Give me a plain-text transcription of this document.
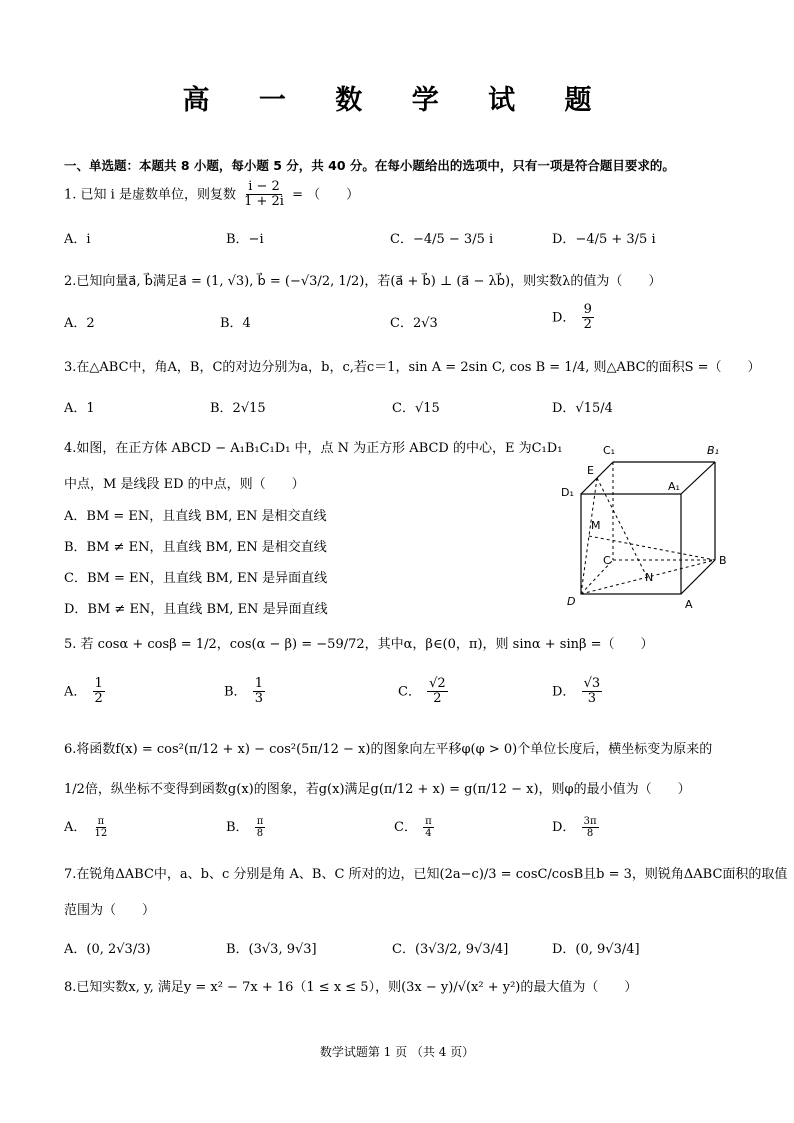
高 一 数 学 试 题
一、单选题：本题共 8 小题，每小题 5 分，共 40 分。在每小题给出的选项中，只有一项是符合题目要求的。
1. 已知 i 是虚数单位，则复数 $\frac{i - 2}{1 + 2i}$ = （　　）
A．i	B．−i	C．−4/5 − 3/5 i	D．−4/5 + 3/5 i
2.已知向量a⃗, b⃗满足a⃗ = (1, √3), b⃗ = (−√3/2, 1/2)，若(a⃗ + b⃗) ⊥ (a⃗ − λb⃗)，则实数λ的值为（　　）
A．2	B．4	C．2√3	D． $\frac{9}{2}$
3.在△ABC中，角A，B，C的对边分别为a，b，c,若c＝1，sin A = 2sin C, cos B = 1/4, 则△ABC的面积S =（　　）
A．1	B．2√15	C．√15	D．√15/4
4.如图，在正方体 ABCD − A₁B₁C₁D₁ 中，点 N 为正方形 ABCD 的中心，E 为C₁D₁
中点，M 是线段 ED 的中点，则（　　）
A．BM = EN，且直线 BM, EN 是相交直线
B．BM ≠ EN，且直线 BM, EN 是相交直线
C．BM = EN，且直线 BM, EN 是异面直线
D．BM ≠ EN，且直线 BM, EN 是异面直线
C₁	B₁
E
D₁	A₁
M
C	B
N
D	A
5. 若 cosα + cosβ = 1/2，cos(α − β) = −59/72，其中α，β∈(0，π)，则 sinα + sinβ =（　　）
A． $\frac{1}{2}$	B． $\frac{1}{3}$	C． $\frac{√2}{2}$	D． $\frac{√3}{3}$
6.将函数f(x) = cos²(π/12 + x) − cos²(5π/12 − x)的图象向左平移φ(φ > 0)个单位长度后，横坐标变为原来的
1/2倍，纵坐标不变得到函数g(x)的图象，若g(x)满足g(π/12 + x) = g(π/12 − x)，则φ的最小值为（　　）
A． $\frac{\pi}{12}$	B． $\frac{\pi}{8}$	C． $\frac{\pi}{4}$	D． $\frac{3\pi}{8}$
7.在锐角ΔABC中，a、b、c 分别是角 A、B、C 所对的边，已知(2a−c)/3 = cosC/cosB且b = 3，则锐角ΔABC面积的取值
范围为（　　）
A．(0, 2√3/3)	B．(3√3, 9√3]	C．(3√3/2, 9√3/4]	D．(0, 9√3/4]
8.已知实数x, y, 满足y = x² − 7x + 16（1 ≤ x ≤ 5），则(3x − y)/√(x² + y²)的最大值为（　　）
数学试题第 1 页 （共 4 页）
